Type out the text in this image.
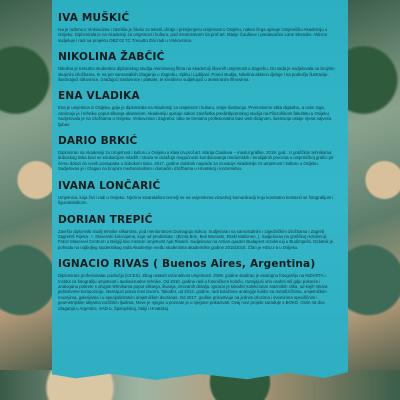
IVA MUŠKIĆ

Iva je rođena u Vinkovcima i završila je Školu za tekstil, dizajn i primijenjenu umjetnost u Osijeku, nakon čega upisuje Umjetničku Akademiju u Osijeku. Diplomirala je na Akademiji za umjetnost i kulturu, pod mentorstvom izv.prof.art. Marije Čauševe i predavačice Lane Skender. Aktivno sudjeluje i radi na projektu OBZ 02 TC Treoutto Zini radi u Vinkovcima.

NIKOLINA ŽABČIĆ

Nikolina je trenutno studentica diplomskog studija Animiranog filma na Akademiji likovnih umjetnosti u Zagrebu. Do sada je sudjelovala na brojnim skupnim izložbama, te na pet samostalnih izlaganja u Zagrebu, Splitu i Ljubljani. Pored studija, Nikolina aktivno djeluje i na području ilustracije, ilustrirajući slikovnice, izrađujući naslovnice i plakate, te kreativno sudjelujući u animiranim filmovima.

ENA VLADIKA

Ena je umjetnica iz Osijeka, gdje je diplomirala na Akademiji za umjetnost i kulturu, smjer ilustracija. Prvenstveno slika digitalno, a osim toga, zanimaju je i tehnike poput slikanja akvarelom. Akademiju upisuje nakon završetka predizdipomskog studija na Filozofskom fakultetu u Osijeku. Sudjelovala je na izložbama u Osijeku, Vinkovcima i Zagrebu. Iako se trenutno profesionalno bavi web dizajnom, ilustracija ostaje njena najveća ljubav.

DARIO BRKIĆ

Diplomirao na Akademiji za Umjetnost i kulturu u Osijeku u klasi izv.prof.art. Marija Čauševa – mastul grafike, 2019. god.. U grafičkim tehnikama duboskog tiska bavi se edukacijom mlađih i stvara te istražuje mogućnosti kombinovanja medumskih i tendijalnih procesa u umjetničkoj grafici pri čemu dolazi do novih postupaka u dubokom tisku. 2017. godine dobitnik nagrade za inovacije Akademije za umjetnost i kulturu u Osijeku. Sudjelovao je i izlagao na brojnim međunarodnim i domaćim izložbama u Hrvatskoj i inozemstvu.

IVANA LONČARIĆ

Umjetnica, koja živi i radi u Osijeku. Njezino stvaralaštvo temelji se na ovijenitoma vizualnoj komunikaciji koju konstatno koristeći se fotografijom i figurativistikom.

DORIAN TREPIĆ

Završio diplomski studij tehnike slikarstva, pod mentorstvom Dumagoja Sokca. Sudjelovao na samostalnim i zajedničkim izložbama i Zagreb Zagrebič Rijeka . I. Slovenski kolonijama, koje od predstituta : (Bizna,Brie, Beli Manastir, Ekskl Mallonen, ). Sudjelovao na grafičkoj rezidenciji Franz Masereel Centrum u Belgiji kao mentori umjetnost Ajai Riedell. Sudjelovao na Action quarter Budapest rezidenciji u Budimpešti. Dobitnik je pohvala na najboljeg studentskog rada Akademije među studentima akademske godine 2015/2016. Član je HDLU-a u Osijeku.

IGNACIO RIVAS ( Buenos Aires, Argentina)

Diplomirani profesionalac područja (UCES). Zbog ostaviti računalnost umjetnosti. 2008. godine studirao je analognu fotografiju na INDARTA i Institut za fotografiju umjetnost i audiovizualne tehnike. Od 2010. godine radi u fotoničkom kolažu, razvijajući vrlo osobni stil gdje pokreće i analoganu pokrete s drugim tehnikama poput slikanja, šivanja, izrezanih detalja. Ignacio je također kolekcionar starinskih slika, od kojih stvara jedinstvene kompozicije, stvarajući prava novi izvorni. Također, od 2014. godine, radi kolaživne analogije koliko na metafizičkima, umjetničkim muzejima, galerijama i u specijaliziranim umjetničkim dvoranas. Od 2017. godine prisustvuje na jednim izlozima i svemirima specifičnim i geometrijskim idejama različitim ljudima, Nove je njegov u poznate je u njegove pokazivati. Ovaj novi projekt surađuje s BOKO. Osim na dva izlaganja u Argentini, SAD-u, Španjolskoj, Italiji i Hrvatskoj.
